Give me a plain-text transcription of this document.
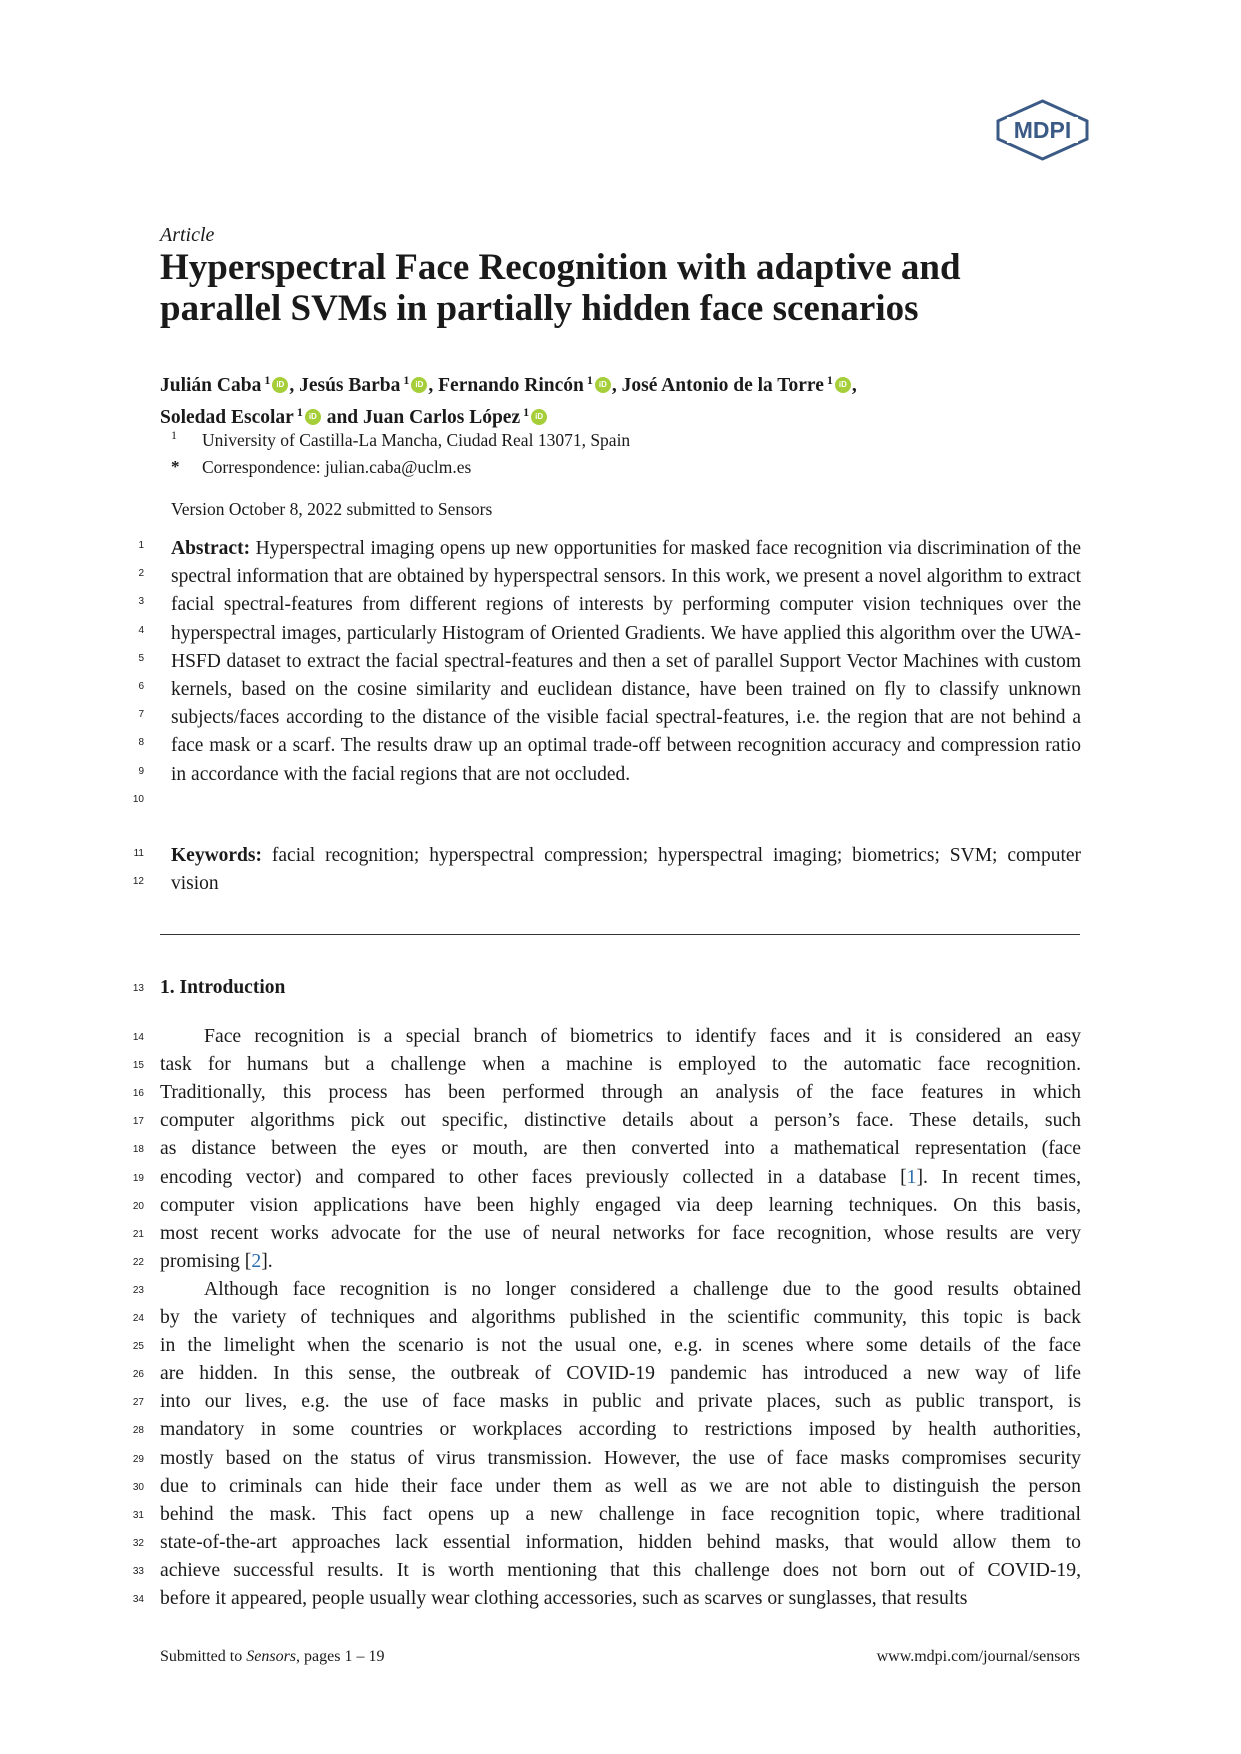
MDPI
Article
Hyperspectral Face Recognition with adaptive and parallel SVMs in partially hidden face scenarios
Julián Caba $^1$ iD , Jesús Barba $^1$ iD , Fernando Rincón $^1$ iD , José Antonio de la Torre $^1$ iD ,
Soledad Escolar $^1$iD and Juan Carlos López $^1$iD
1 University of Castilla-La Mancha, Ciudad Real 13071, Spain
* Correspondence: julian.caba@uclm.es
Version October 8, 2022 submitted to Sensors
1
2
3
4
5
6
7
8
9
10
11
12
13
14
15
16
17
18
19
20
21
22
23
24
25
26
27
28
29
30
31
32
33
34
Abstract: Hyperspectral imaging opens up new opportunities for masked face recognition via discrimination of the spectral information that are obtained by hyperspectral sensors. In this work, we present a novel algorithm to extract facial spectral-features from different regions of interests by performing computer vision techniques over the hyperspectral images, particularly Histogram of Oriented Gradients. We have applied this algorithm over the UWA-HSFD dataset to extract the facial spectral-features and then a set of parallel Support Vector Machines with custom kernels, based on the cosine similarity and euclidean distance, have been trained on fly to classify unknown subjects/faces according to the distance of the visible facial spectral-features, i.e. the region that are not behind a face mask or a scarf. The results draw up an optimal trade-off between recognition accuracy and compression ratio in accordance with the facial regions that are not occluded.
Keywords: facial recognition; hyperspectral compression; hyperspectral imaging; biometrics; SVM; computer vision
1. Introduction
Face recognition is a special branch of biometrics to identify faces and it is considered an easy
task for humans but a challenge when a machine is employed to the automatic face recognition.
Traditionally, this process has been performed through an analysis of the face features in which
computer algorithms pick out specific, distinctive details about a person’s face. These details, such
as distance between the eyes or mouth, are then converted into a mathematical representation (face
encoding vector) and compared to other faces previously collected in a database [1]. In recent times,
computer vision applications have been highly engaged via deep learning techniques. On this basis,
most recent works advocate for the use of neural networks for face recognition, whose results are very
promising [2].
Although face recognition is no longer considered a challenge due to the good results obtained
by the variety of techniques and algorithms published in the scientific community, this topic is back
in the limelight when the scenario is not the usual one, e.g. in scenes where some details of the face
are hidden. In this sense, the outbreak of COVID-19 pandemic has introduced a new way of life
into our lives, e.g. the use of face masks in public and private places, such as public transport, is
mandatory in some countries or workplaces according to restrictions imposed by health authorities,
mostly based on the status of virus transmission. However, the use of face masks compromises security
due to criminals can hide their face under them as well as we are not able to distinguish the person
behind the mask. This fact opens up a new challenge in face recognition topic, where traditional
state-of-the-art approaches lack essential information, hidden behind masks, that would allow them to
achieve successful results. It is worth mentioning that this challenge does not born out of COVID-19,
before it appeared, people usually wear clothing accessories, such as scarves or sunglasses, that results
Submitted to Sensors, pages 1 – 19	www.mdpi.com/journal/sensors
